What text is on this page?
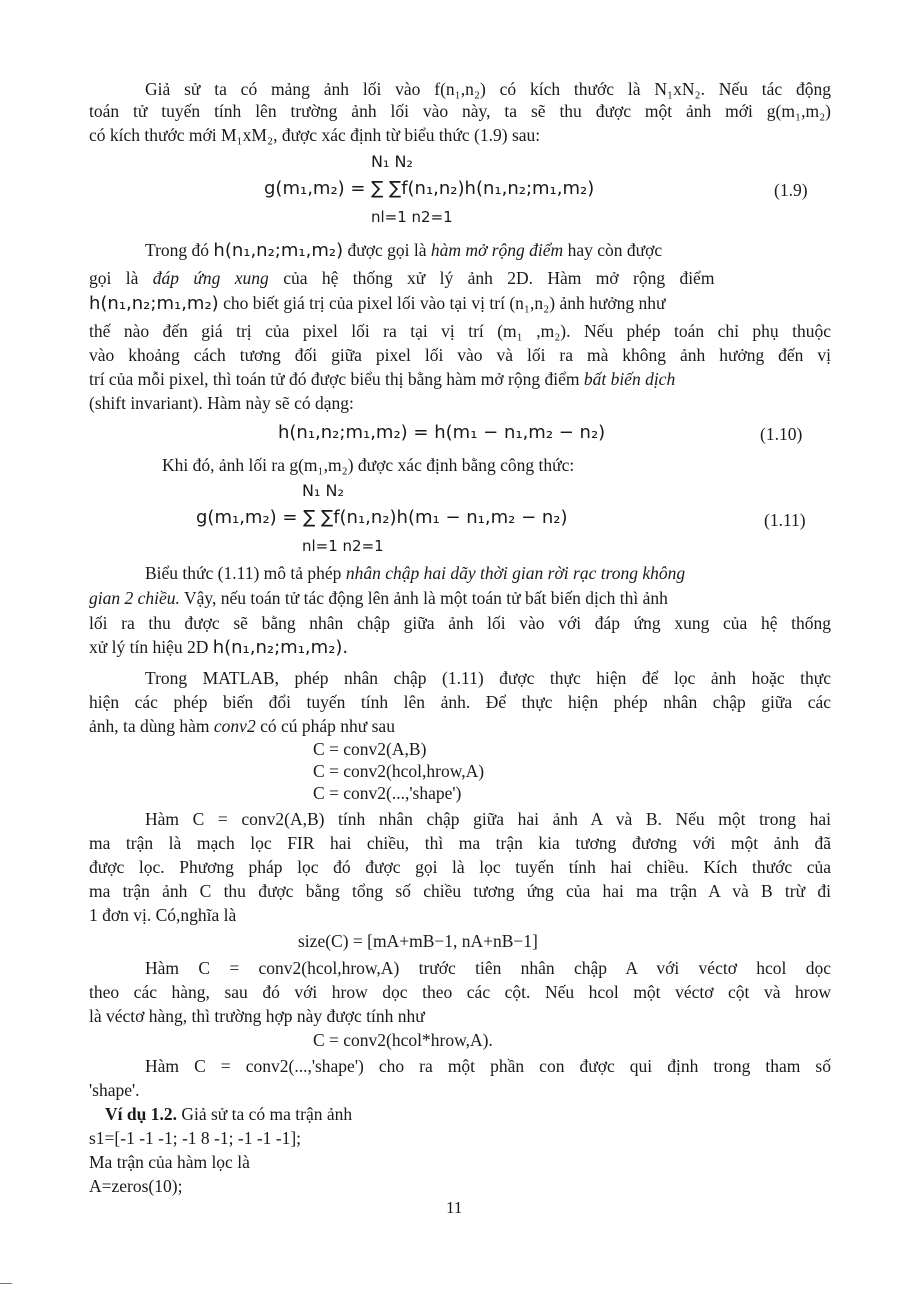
Giả sử ta có mảng ảnh lối vào f(n₁,n₂) có kích thước là N₁xN₂. Nếu tác động
toán tử tuyến tính lên trường ảnh lối vào này, ta sẽ thu được một ảnh mới g(m₁,m₂)
có kích thước mới M₁xM₂, được xác định từ biểu thức (1.9) sau:
N₁ N₂
g(m₁,m₂) = ∑ ∑f(n₁,n₂)h(n₁,n₂;m₁,m₂)
nl=1 n2=1
(1.9)
Trong đó h(n₁,n₂;m₁,m₂) được gọi là hàm mở rộng điểm hay còn được
gọi là đáp ứng xung của hệ thống xử lý ảnh 2D. Hàm mở rộng điểm
h(n₁,n₂;m₁,m₂) cho biết giá trị của pixel lối vào tại vị trí (n₁,n₂) ảnh hưởng như
thế nào đến giá trị của pixel lối ra tại vị trí (m₁ ,m₂). Nếu phép toán chỉ phụ thuộc
vào khoảng cách tương đối giữa pixel lối vào và lối ra mà không ảnh hưởng đến vị
trí của mỗi pixel, thì toán tử đó được biểu thị bằng hàm mở rộng điểm bất biến dịch
(shift invariant). Hàm này sẽ có dạng:
h(n₁,n₂;m₁,m₂) = h(m₁ − n₁,m₂ − n₂)	(1.10)
Khi đó, ảnh lối ra g(m₁,m₂) được xác định bằng công thức:
N₁ N₂
g(m₁,m₂) = ∑ ∑f(n₁,n₂)h(m₁ − n₁,m₂ − n₂)
nl=1 n2=1
(1.11)
Biểu thức (1.11) mô tả phép nhân chập hai dãy thời gian rời rạc trong không
gian 2 chiều. Vậy, nếu toán tử tác động lên ảnh là một toán tử bất biến dịch thì ảnh
lối ra thu được sẽ bằng nhân chập giữa ảnh lối vào với đáp ứng xung của hệ thống
xử lý tín hiệu 2D h(n₁,n₂;m₁,m₂).
Trong MATLAB, phép nhân chập (1.11) được thực hiện để lọc ảnh hoặc thực
hiện các phép biến đổi tuyến tính lên ảnh. Để thực hiện phép nhân chập giữa các
ảnh, ta dùng hàm conv2 có cú pháp như sau
C = conv2(A,B)
C = conv2(hcol,hrow,A)
C = conv2(...,'shape')
Hàm C = conv2(A,B) tính nhân chập giữa hai ảnh A và B. Nếu một trong hai
ma trận là mạch lọc FIR hai chiều, thì ma trận kia tương đương với một ảnh đã
được lọc. Phương pháp lọc đó được gọi là lọc tuyến tính hai chiều. Kích thước của
ma trận ảnh C thu được bằng tổng số chiều tương ứng của hai ma trận A và B trừ đi
1 đơn vị. Có,nghĩa là
size(C) = [mA+mB−1, nA+nB−1]
Hàm C = conv2(hcol,hrow,A) trước tiên nhân chập A với véctơ hcol dọc
theo các hàng, sau đó với hrow dọc theo các cột. Nếu hcol một véctơ cột và hrow
là véctơ hàng, thì trường hợp này được tính như
C = conv2(hcol*hrow,A).
Hàm C = conv2(...,'shape') cho ra một phần con được qui định trong tham số
'shape'.
Ví dụ 1.2. Giả sử ta có ma trận ảnh
s1=[-1 -1 -1; -1 8 -1; -1 -1 -1];
Ma trận của hàm lọc là
A=zeros(10);
11
